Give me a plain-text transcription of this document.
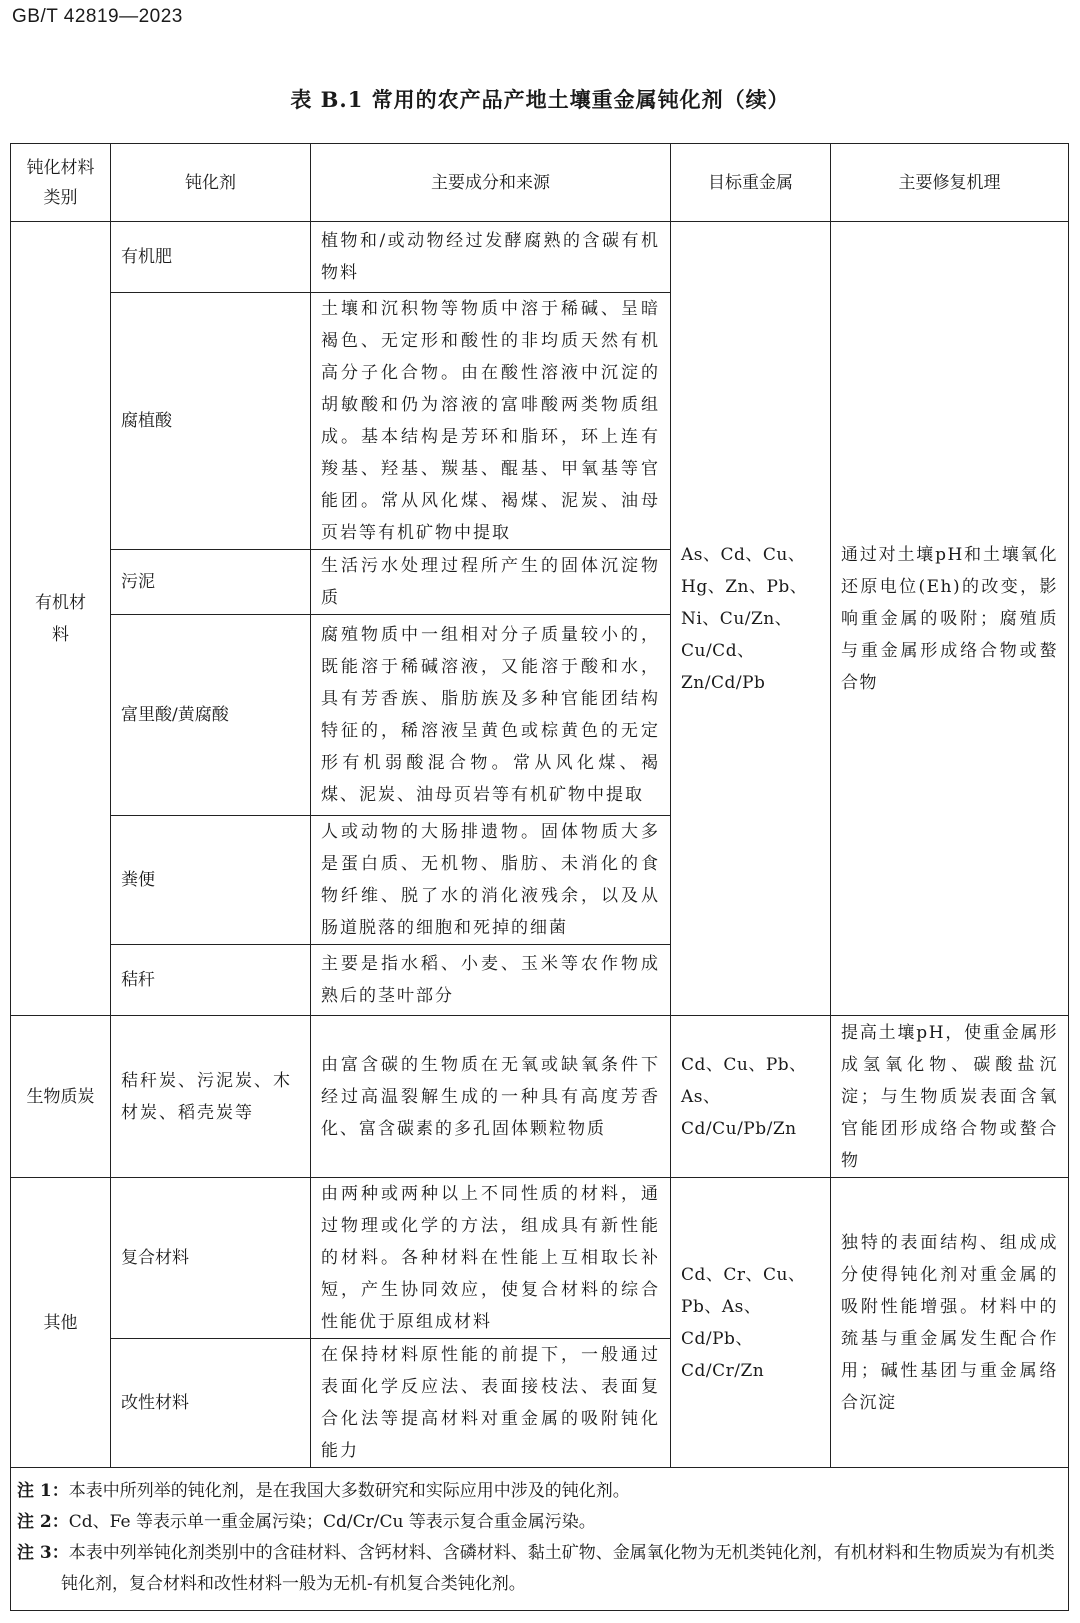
GB/T 42819—2023
表 B.1 常用的农产品产地土壤重金属钝化剂（续）
钝化材料类别	钝化剂	主要成分和来源	目标重金属	主要修复机理
有机材料	有机肥	植物和/或动物经过发酵腐熟的含碳有机物料	As、Cd、Cu、Hg、Zn、Pb、Ni、Cu/Zn、Cu/Cd、Zn/Cd/Pb	通过对土壤pH和土壤氧化还原电位(Eh)的改变，影响重金属的吸附；腐殖质与重金属形成络合物或螯合物
	腐植酸	土壤和沉积物等物质中溶于稀碱、呈暗褐色、无定形和酸性的非均质天然有机高分子化合物。由在酸性溶液中沉淀的胡敏酸和仍为溶液的富啡酸两类物质组成。基本结构是芳环和脂环，环上连有羧基、羟基、羰基、醌基、甲氧基等官能团。常从风化煤、褐煤、泥炭、油母页岩等有机矿物中提取		
	污泥	生活污水处理过程所产生的固体沉淀物质		
	富里酸/黄腐酸	腐殖物质中一组相对分子质量较小的，既能溶于稀碱溶液，又能溶于酸和水，具有芳香族、脂肪族及多种官能团结构特征的，稀溶液呈黄色或棕黄色的无定形有机弱酸混合物。常从风化煤、褐煤、泥炭、油母页岩等有机矿物中提取		
	粪便	人或动物的大肠排遗物。固体物质大多是蛋白质、无机物、脂肪、未消化的食物纤维、脱了水的消化液残余，以及从肠道脱落的细胞和死掉的细菌		
	秸秆	主要是指水稻、小麦、玉米等农作物成熟后的茎叶部分		
生物质炭	秸秆炭、污泥炭、木材炭、稻壳炭等	由富含碳的生物质在无氧或缺氧条件下经过高温裂解生成的一种具有高度芳香化、富含碳素的多孔固体颗粒物质	Cd、Cu、Pb、As、Cd/Cu/Pb/Zn	提高土壤pH，使重金属形成氢氧化物、碳酸盐沉淀；与生物质炭表面含氧官能团形成络合物或螯合物
其他	复合材料	由两种或两种以上不同性质的材料，通过物理或化学的方法，组成具有新性能的材料。各种材料在性能上互相取长补短，产生协同效应，使复合材料的综合性能优于原组成材料	Cd、Cr、Cu、Pb、As、Cd/Pb、Cd/Cr/Zn	独特的表面结构、组成成分使得钝化剂对重金属的吸附性能增强。材料中的巯基与重金属发生配合作用；碱性基团与重金属络合沉淀
	改性材料	在保持材料原性能的前提下，一般通过表面化学反应法、表面接枝法、表面复合化法等提高材料对重金属的吸附钝化能力		

注 1：本表中所列举的钝化剂，是在我国大多数研究和实际应用中涉及的钝化剂。
注 2：Cd、Fe 等表示单一重金属污染；Cd/Cr/Cu 等表示复合重金属污染。
注 3：本表中列举钝化剂类别中的含硅材料、含钙材料、含磷材料、黏土矿物、金属氧化物为无机类钝化剂，有机材料和生物质炭为有机类钝化剂，复合材料和改性材料一般为无机-有机复合类钝化剂。				
